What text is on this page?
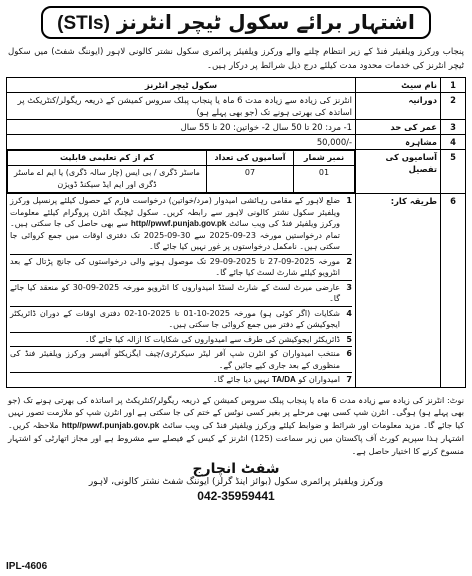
اشتہار برائے سکول ٹیچر انٹرنز (STIs)
پنجاب ورکرز ویلفیئر فنڈ کے زیر انتظام چلنے والے ورکرز ویلفیئر پرائمری سکول نشتر کالونی لاہور (ایوننگ شفٹ) میں سکول ٹیچر انٹرنز کی خدمات محدود مدت کیلئے درج ذیل شرائط پر درکار ہیں۔
1	نام سیٹ	سکول ٹیچر انٹرنز
2	دورانیہ	انٹرنز کی زیادہ سے زیادہ مدت 6 ماہ یا پنجاب پبلک سروس کمیشن کے ذریعہ ریگولر/کنٹریکٹ پر اساتذہ کی بھرتی ہونے تک (جو بھی پہلے ہو)
3	عمر کی حد	1- مرد: 20 تا 50 سال 2- خواتین: 20 تا 55 سال
4	مشاہرہ	-/50,000
5	آسامیوں کی تفصیل	
نمبر شمار	آسامیوں کی تعداد	کم از کم تعلیمی قابلیت
01	07	ماسٹر ڈگری / بی ایس (چار سالہ ڈگری) یا ایم اے ماسٹر ڈگری اور ایم ایڈ سیکنڈ ڈویژن

6	طریقہ کار:	
1
ضلع لاہور کے مقامی رہائشی امیدوار (مرد/خواتین) درخواست فارم کے حصول کیلئے پرنسپل ورکرز ویلفیئر سکول نشتر کالونی لاہور سے رابطہ کریں۔ سکول ٹیچنگ انٹرن پروگرام کیلئے معلومات ورکرز ویلفیئر فنڈ کی ویب سائٹ http//pwwf.punjab.gov.pk سے بھی حاصل کی جا سکتی ہیں۔ تمام درخواستیں مورخہ 23-09-2025 سے 30-09-2025 تک دفتری اوقات میں جمع کروائی جا سکتی ہیں۔ نامکمل درخواستوں پر غور نہیں کیا جائے گا۔
2
مورخہ 2025-09-27 تا 2025-09-29 تک موصول ہونے والی درخواستوں کی جانچ پڑتال کے بعد انٹرویو کیلئے شارٹ لسٹ کیا جائے گا۔
3
عارضی میرٹ لسٹ کے شارٹ لسٹڈ امیدواروں کا انٹرویو مورخہ 2025-09-30 کو منعقد کیا جائے گا۔
4
شکایات (اگر کوئی ہو) مورخہ 2025-10-01 تا 2025-10-02 دفتری اوقات کے دوران ڈائریکٹر ایجوکیشن کے دفتر میں جمع کروائی جا سکتی ہیں۔
5
ڈائریکٹر ایجوکیشن کی طرف سے امیدواروں کی شکایات کا ازالہ کیا جائے گا۔
6
منتخب امیدواران کو انٹرن شپ آفر لیٹر سیکرٹری/چیف ایگزیکٹو آفیسر ورکرز ویلفیئر فنڈ کی منظوری کے بعد جاری کیے جائیں گے۔
7
امیدواران کو TA/DA نہیں دیا جائے گا۔
نوٹ: انٹرنز کی زیادہ سے زیادہ مدت 6 ماہ یا پنجاب پبلک سروس کمیشن کے ذریعہ ریگولر/کنٹریکٹ پر اساتذہ کی بھرتی ہونے تک (جو بھی پہلے ہو) ہوگی۔ انٹرن شپ کسی بھی مرحلے پر بغیر کسی نوٹس کے ختم کی جا سکتی ہے اور انٹرن شپ کو ملازمت تصور نہیں کیا جائے گا۔ مزید معلومات اور شرائط و ضوابط کیلئے ورکرز ویلفیئر فنڈ کی ویب سائٹ http//pwwf.punjab.gov.pk ملاحظہ کریں۔ اشتہار ہذا سپریم کورٹ آف پاکستان میں زیر سماعت (125) انٹرنز کے کیس کے فیصلے سے مشروط ہے اور مجاز اتھارٹی کو اشتہار منسوخ کرنے کا اختیار حاصل ہے۔
شفٹ انچارج
ورکرز ویلفیئر پرائمری سکول (بوائز اینڈ گرلز) ایوننگ شفٹ نشتر کالونی، لاہور
042-35959441
IPL-4606
